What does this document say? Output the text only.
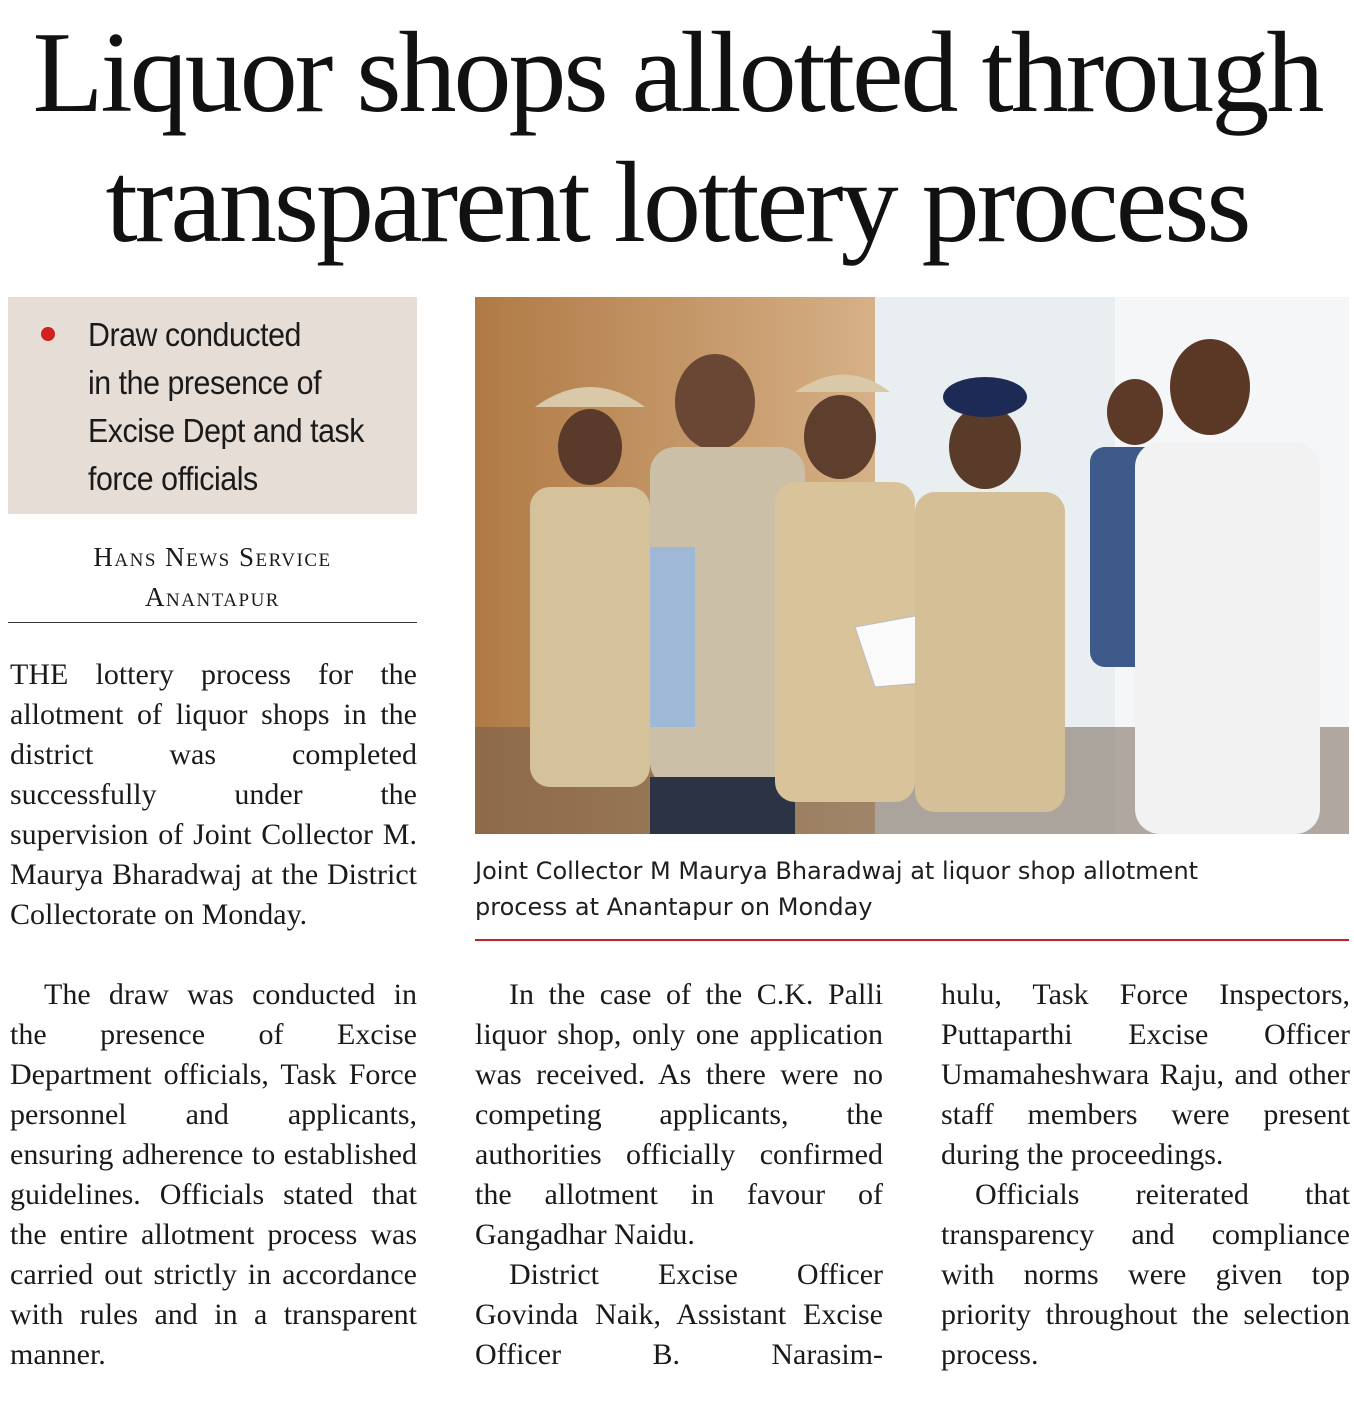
Liquor shops allotted through
transparent lottery process
Draw conducted
in the presence of
Excise Dept and task
force officials
Hans News Service
Anantapur

THE lottery process for the allotment of liquor shops in the district was completed successfully under the supervision of Joint Collector M. Maurya Bharadwaj at the District Collectorate on Monday.

The draw was conducted in the presence of Excise Department officials, Task Force personnel and applicants, ensuring adherence to established guidelines. Officials stated that the entire allotment process was carried out strictly in accordance with rules and in a transparent manner.

Joint Collector M Maurya Bharadwaj at liquor shop allotment
process at Anantapur on Monday

In the case of the C.K. Palli liquor shop, only one application was received. As there were no competing applicants, the authorities officially confirmed the allotment in favour of Gangadhar Naidu.

District Excise Officer Govinda Naik, Assistant Excise Officer B. Narasim-

hulu, Task Force Inspectors, Puttaparthi Excise Officer Umamaheshwara Raju, and other staff members were present during the proceedings.

Officials reiterated that transparency and compliance with norms were given top priority throughout the selection process.
